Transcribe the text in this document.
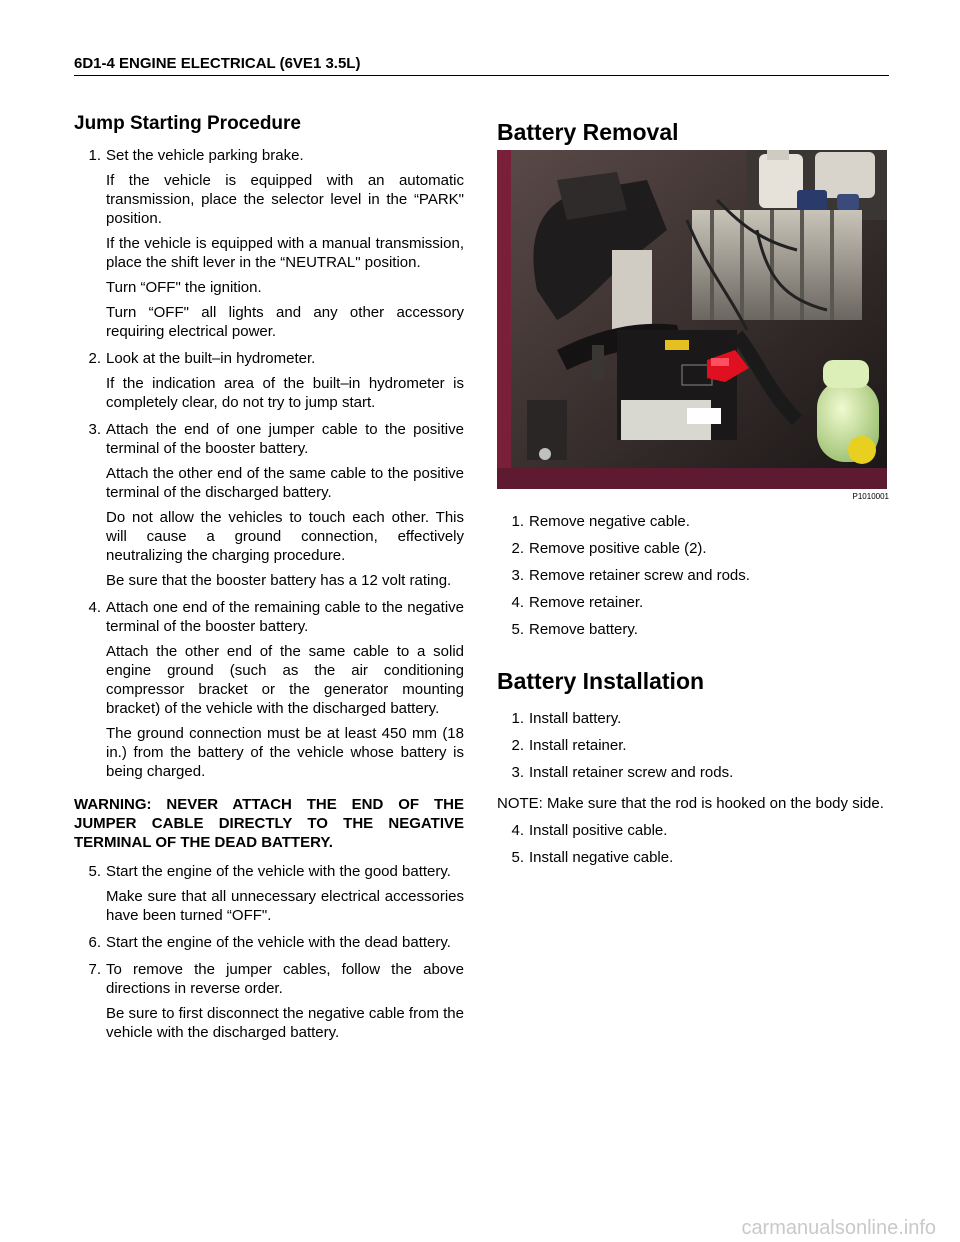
6D1-4 ENGINE ELECTRICAL (6VE1 3.5L)
Jump Starting Procedure
1. Set the vehicle parking brake.
If the vehicle is equipped with an automatic transmission, place the selector level in the “PARK" position.
If the vehicle is equipped with a manual transmission, place the shift lever in the “NEUTRAL" position.
Turn “OFF" the ignition.
Turn “OFF" all lights and any other accessory requiring electrical power.
2. Look at the built–in hydrometer.
If the indication area of the built–in hydrometer is completely clear, do not try to jump start.
3. Attach the end of one jumper cable to the positive terminal of the booster battery.
Attach the other end of the same cable to the positive terminal of the discharged battery.
Do not allow the vehicles to touch each other. This will cause a ground connection, effectively neutralizing the charging procedure.
Be sure that the booster battery has a 12 volt rating.
4. Attach one end of the remaining cable to the negative terminal of the booster battery.
Attach the other end of the same cable to a solid engine ground (such as the air conditioning compressor bracket or the generator mounting bracket) of the vehicle with the discharged battery.
The ground connection must be at least 450 mm (18 in.) from the battery of the vehicle whose battery is being charged.
WARNING: NEVER ATTACH THE END OF THE JUMPER CABLE DIRECTLY TO THE NEGATIVE TERMINAL OF THE DEAD BATTERY.
5. Start the engine of the vehicle with the good battery.
Make sure that all unnecessary electrical accessories have been turned “OFF".
6. Start the engine of the vehicle with the dead battery.
7. To remove the jumper cables, follow the above directions in reverse order.
Be sure to first disconnect the negative cable from the vehicle with the discharged battery.
Battery Removal
P1010001
1. Remove negative cable.
2. Remove positive cable (2).
3. Remove retainer screw and rods.
4. Remove retainer.
5. Remove battery.
Battery Installation
1. Install battery.
2. Install retainer.
3. Install retainer screw and rods.
NOTE: Make sure that the rod is hooked on the body side.
4. Install positive cable.
5. Install negative cable.
carmanualsonline.info
